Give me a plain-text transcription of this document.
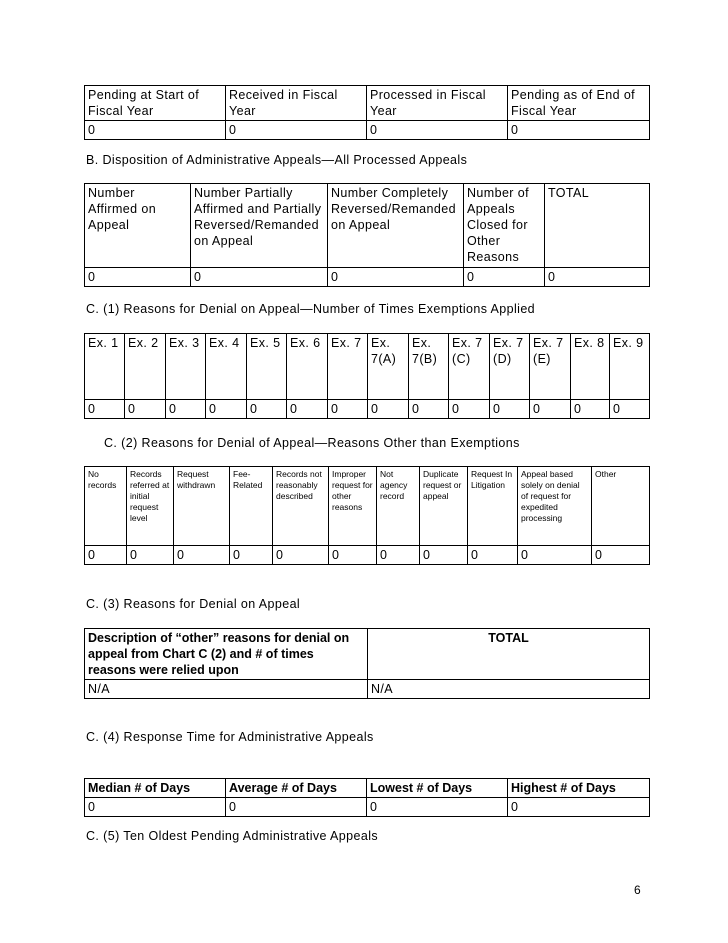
Pending at Start of Fiscal Year	Received in Fiscal Year	Processed in Fiscal Year	Pending as of End of Fiscal Year
0	0	0	0
B. Disposition of Administrative Appeals—All Processed Appeals
Number Affirmed on Appeal	Number Partially Affirmed and Partially Reversed/Remanded on Appeal	Number Completely Reversed/Remanded on Appeal	Number of Appeals Closed for Other Reasons	TOTAL
0	0	0	0	0
C. (1) Reasons for Denial on Appeal—Number of Times Exemptions Applied
Ex. 1	Ex. 2	Ex. 3	Ex. 4	Ex. 5	Ex. 6	Ex. 7	Ex. 7(A)	Ex. 7(B)	Ex. 7 (C)	Ex. 7 (D)	Ex. 7 (E)	Ex. 8	Ex. 9
0	0	0	0	0	0	0	0	0	0	0	0	0	0
C. (2) Reasons for Denial of Appeal—Reasons Other than Exemptions
No records	Records referred at initial request level	Request withdrawn	Fee-Related	Records not reasonably described	Improper request for other reasons	Not agency record	Duplicate request or appeal	Request In Litigation	Appeal based solely on denial of request for expedited processing	Other
0	0	0	0	0	0	0	0	0	0	0
C. (3) Reasons for Denial on Appeal
Description of “other” reasons for denial on appeal from Chart C (2) and # of times reasons were relied upon	TOTAL
N/A	N/A
C. (4) Response Time for Administrative Appeals
Median # of Days	Average # of Days	Lowest # of Days	Highest # of Days
0	0	0	0
C. (5) Ten Oldest Pending Administrative Appeals
6
